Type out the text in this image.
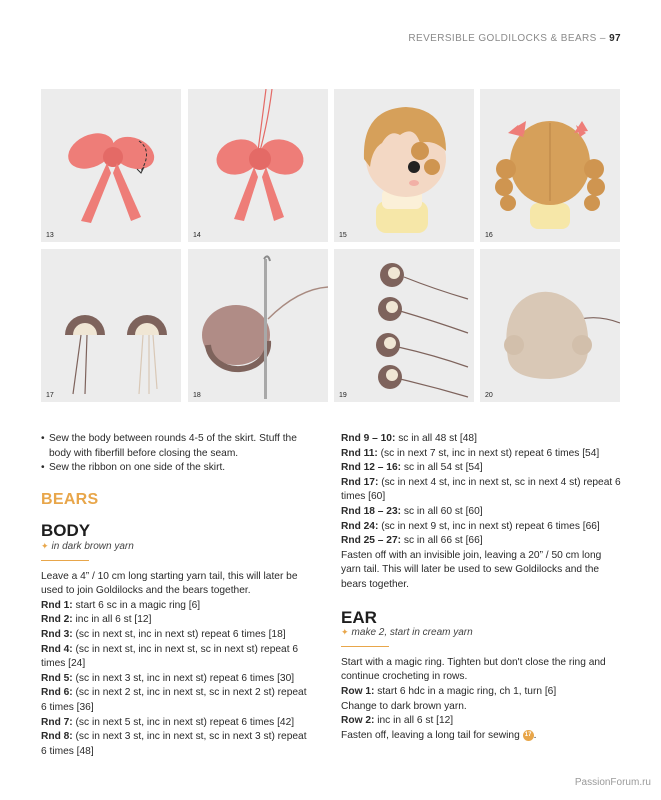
REVERSIBLE GOLDILOCKS & BEARS – 97
13	14	15	16
17	18	19	20
• Sew the body between rounds 4-5 of the skirt. Stuff the body with fiberfill before closing the seam.
• Sew the ribbon on one side of the skirt.

BEARS

BODY

✦ in dark brown yarn

Leave a 4” / 10 cm long starting yarn tail, this will later be used to join Goldilocks and the bears together.

Rnd 1: start 6 sc in a magic ring [6]

Rnd 2: inc in all 6 st [12]

Rnd 3: (sc in next st, inc in next st) repeat 6 times [18]

Rnd 4: (sc in next st, inc in next st, sc in next st) repeat 6 times [24]

Rnd 5: (sc in next 3 st, inc in next st) repeat 6 times [30]

Rnd 6: (sc in next 2 st, inc in next st, sc in next 2 st) repeat 6 times [36]

Rnd 7: (sc in next 5 st, inc in next st) repeat 6 times [42]

Rnd 8: (sc in next 3 st, inc in next st, sc in next 3 st) repeat 6 times [48]

Rnd 9 – 10: sc in all 48 st [48]

Rnd 11: (sc in next 7 st, inc in next st) repeat 6 times [54]

Rnd 12 – 16: sc in all 54 st [54]

Rnd 17: (sc in next 4 st, inc in next st, sc in next 4 st) repeat 6 times [60]

Rnd 18 – 23: sc in all 60 st [60]

Rnd 24: (sc in next 9 st, inc in next st) repeat 6 times [66]

Rnd 25 – 27: sc in all 66 st [66]

Fasten off with an invisible join, leaving a 20” / 50 cm long yarn tail. This will later be used to sew Goldilocks and the bears together.

EAR

✦ make 2, start in cream yarn

Start with a magic ring. Tighten but don't close the ring and continue crocheting in rows.

Row 1: start 6 hdc in a magic ring, ch 1, turn [6]

Change to dark brown yarn.

Row 2: inc in all 6 st [12]

Fasten off, leaving a long tail for sewing 17 .

PassionForum.ru
